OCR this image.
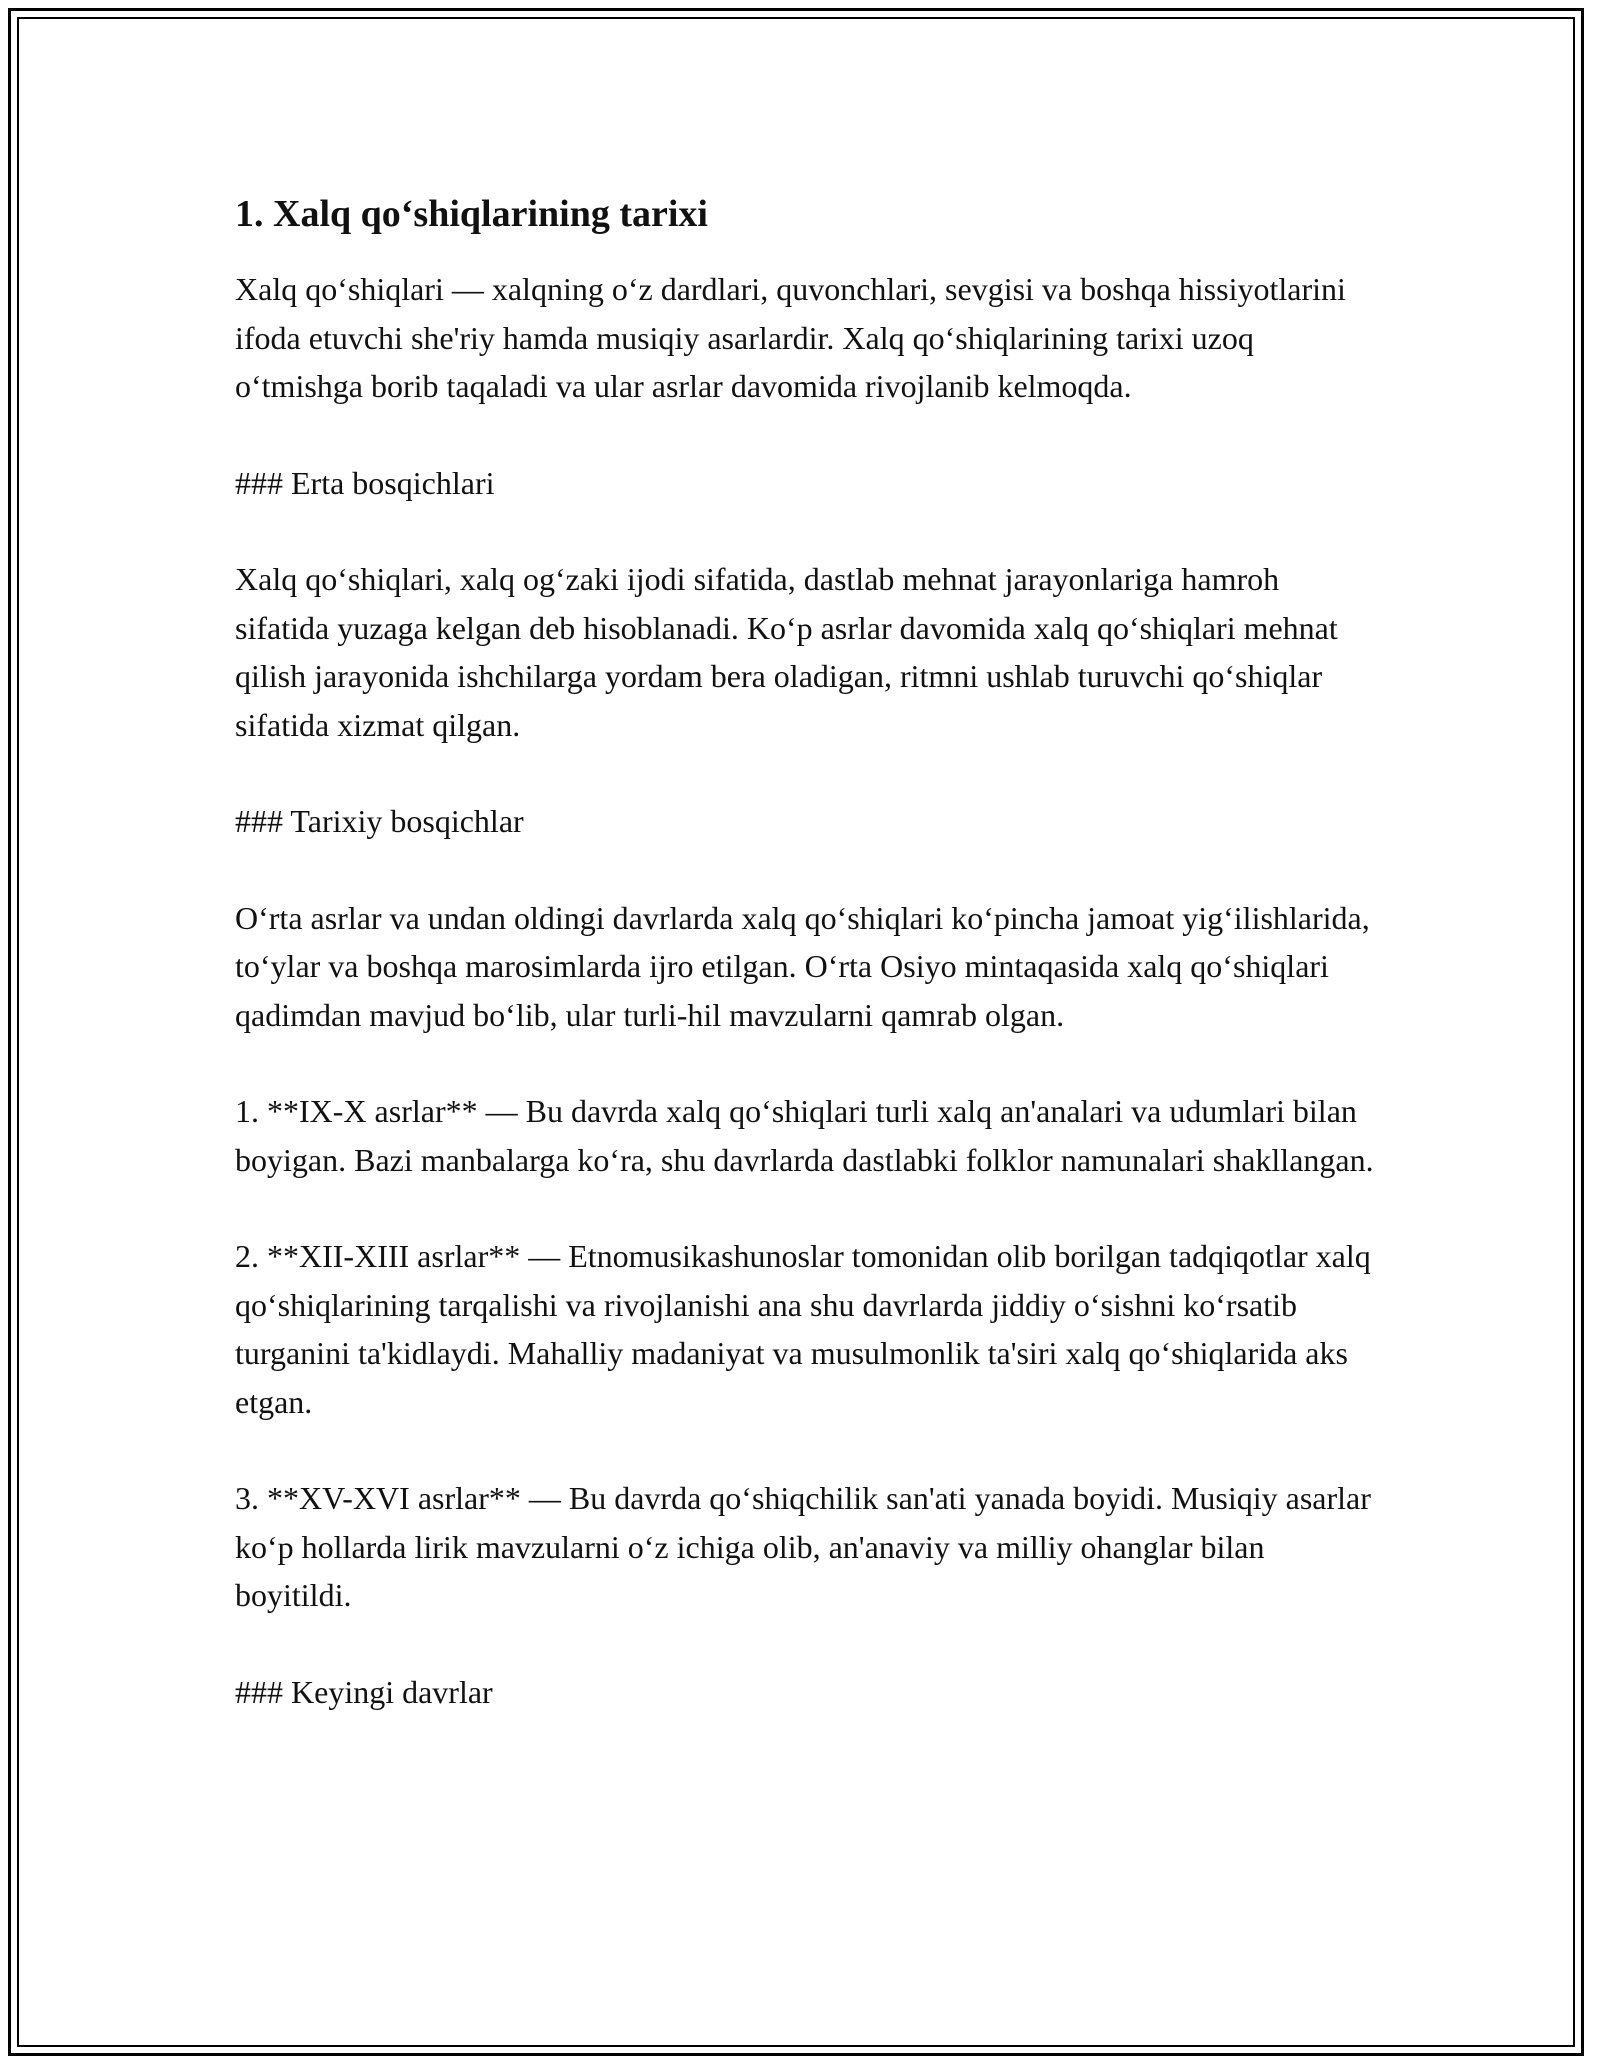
1. Xalq qo‘shiqlarining tarixi

Xalq qo‘shiqlari — xalqning o‘z dardlari, quvonchlari, sevgisi va boshqa hissiyotlarini ifoda etuvchi she'riy hamda musiqiy asarlardir. Xalq qo‘shiqlarining tarixi uzoq o‘tmishga borib taqaladi va ular asrlar davomida rivojlanib kelmoqda.

### Erta bosqichlari

Xalq qo‘shiqlari, xalq og‘zaki ijodi sifatida, dastlab mehnat jarayonlariga hamroh sifatida yuzaga kelgan deb hisoblanadi. Ko‘p asrlar davomida xalq qo‘shiqlari mehnat qilish jarayonida ishchilarga yordam bera oladigan, ritmni ushlab turuvchi qo‘shiqlar sifatida xizmat qilgan.

### Tarixiy bosqichlar

O‘rta asrlar va undan oldingi davrlarda xalq qo‘shiqlari ko‘pincha jamoat yig‘ilishlarida, to‘ylar va boshqa marosimlarda ijro etilgan. O‘rta Osiyo mintaqasida xalq qo‘shiqlari qadimdan mavjud bo‘lib, ular turli-hil mavzularni qamrab olgan.

1. **IX-X asrlar** — Bu davrda xalq qo‘shiqlari turli xalq an'analari va udumlari bilan boyigan. Bazi manbalarga ko‘ra, shu davrlarda dastlabki folklor namunalari shakllangan.

2. **XII-XIII asrlar** — Etnomusikashunoslar tomonidan olib borilgan tadqiqotlar xalq qo‘shiqlarining tarqalishi va rivojlanishi ana shu davrlarda jiddiy o‘sishni ko‘rsatib turganini ta'kidlaydi. Mahalliy madaniyat va musulmonlik ta'siri xalq qo‘shiqlarida aks etgan.

3. **XV-XVI asrlar** — Bu davrda qo‘shiqchilik san'ati yanada boyidi. Musiqiy asarlar ko‘p hollarda lirik mavzularni o‘z ichiga olib, an'anaviy va milliy ohanglar bilan boyitildi.

### Keyingi davrlar
